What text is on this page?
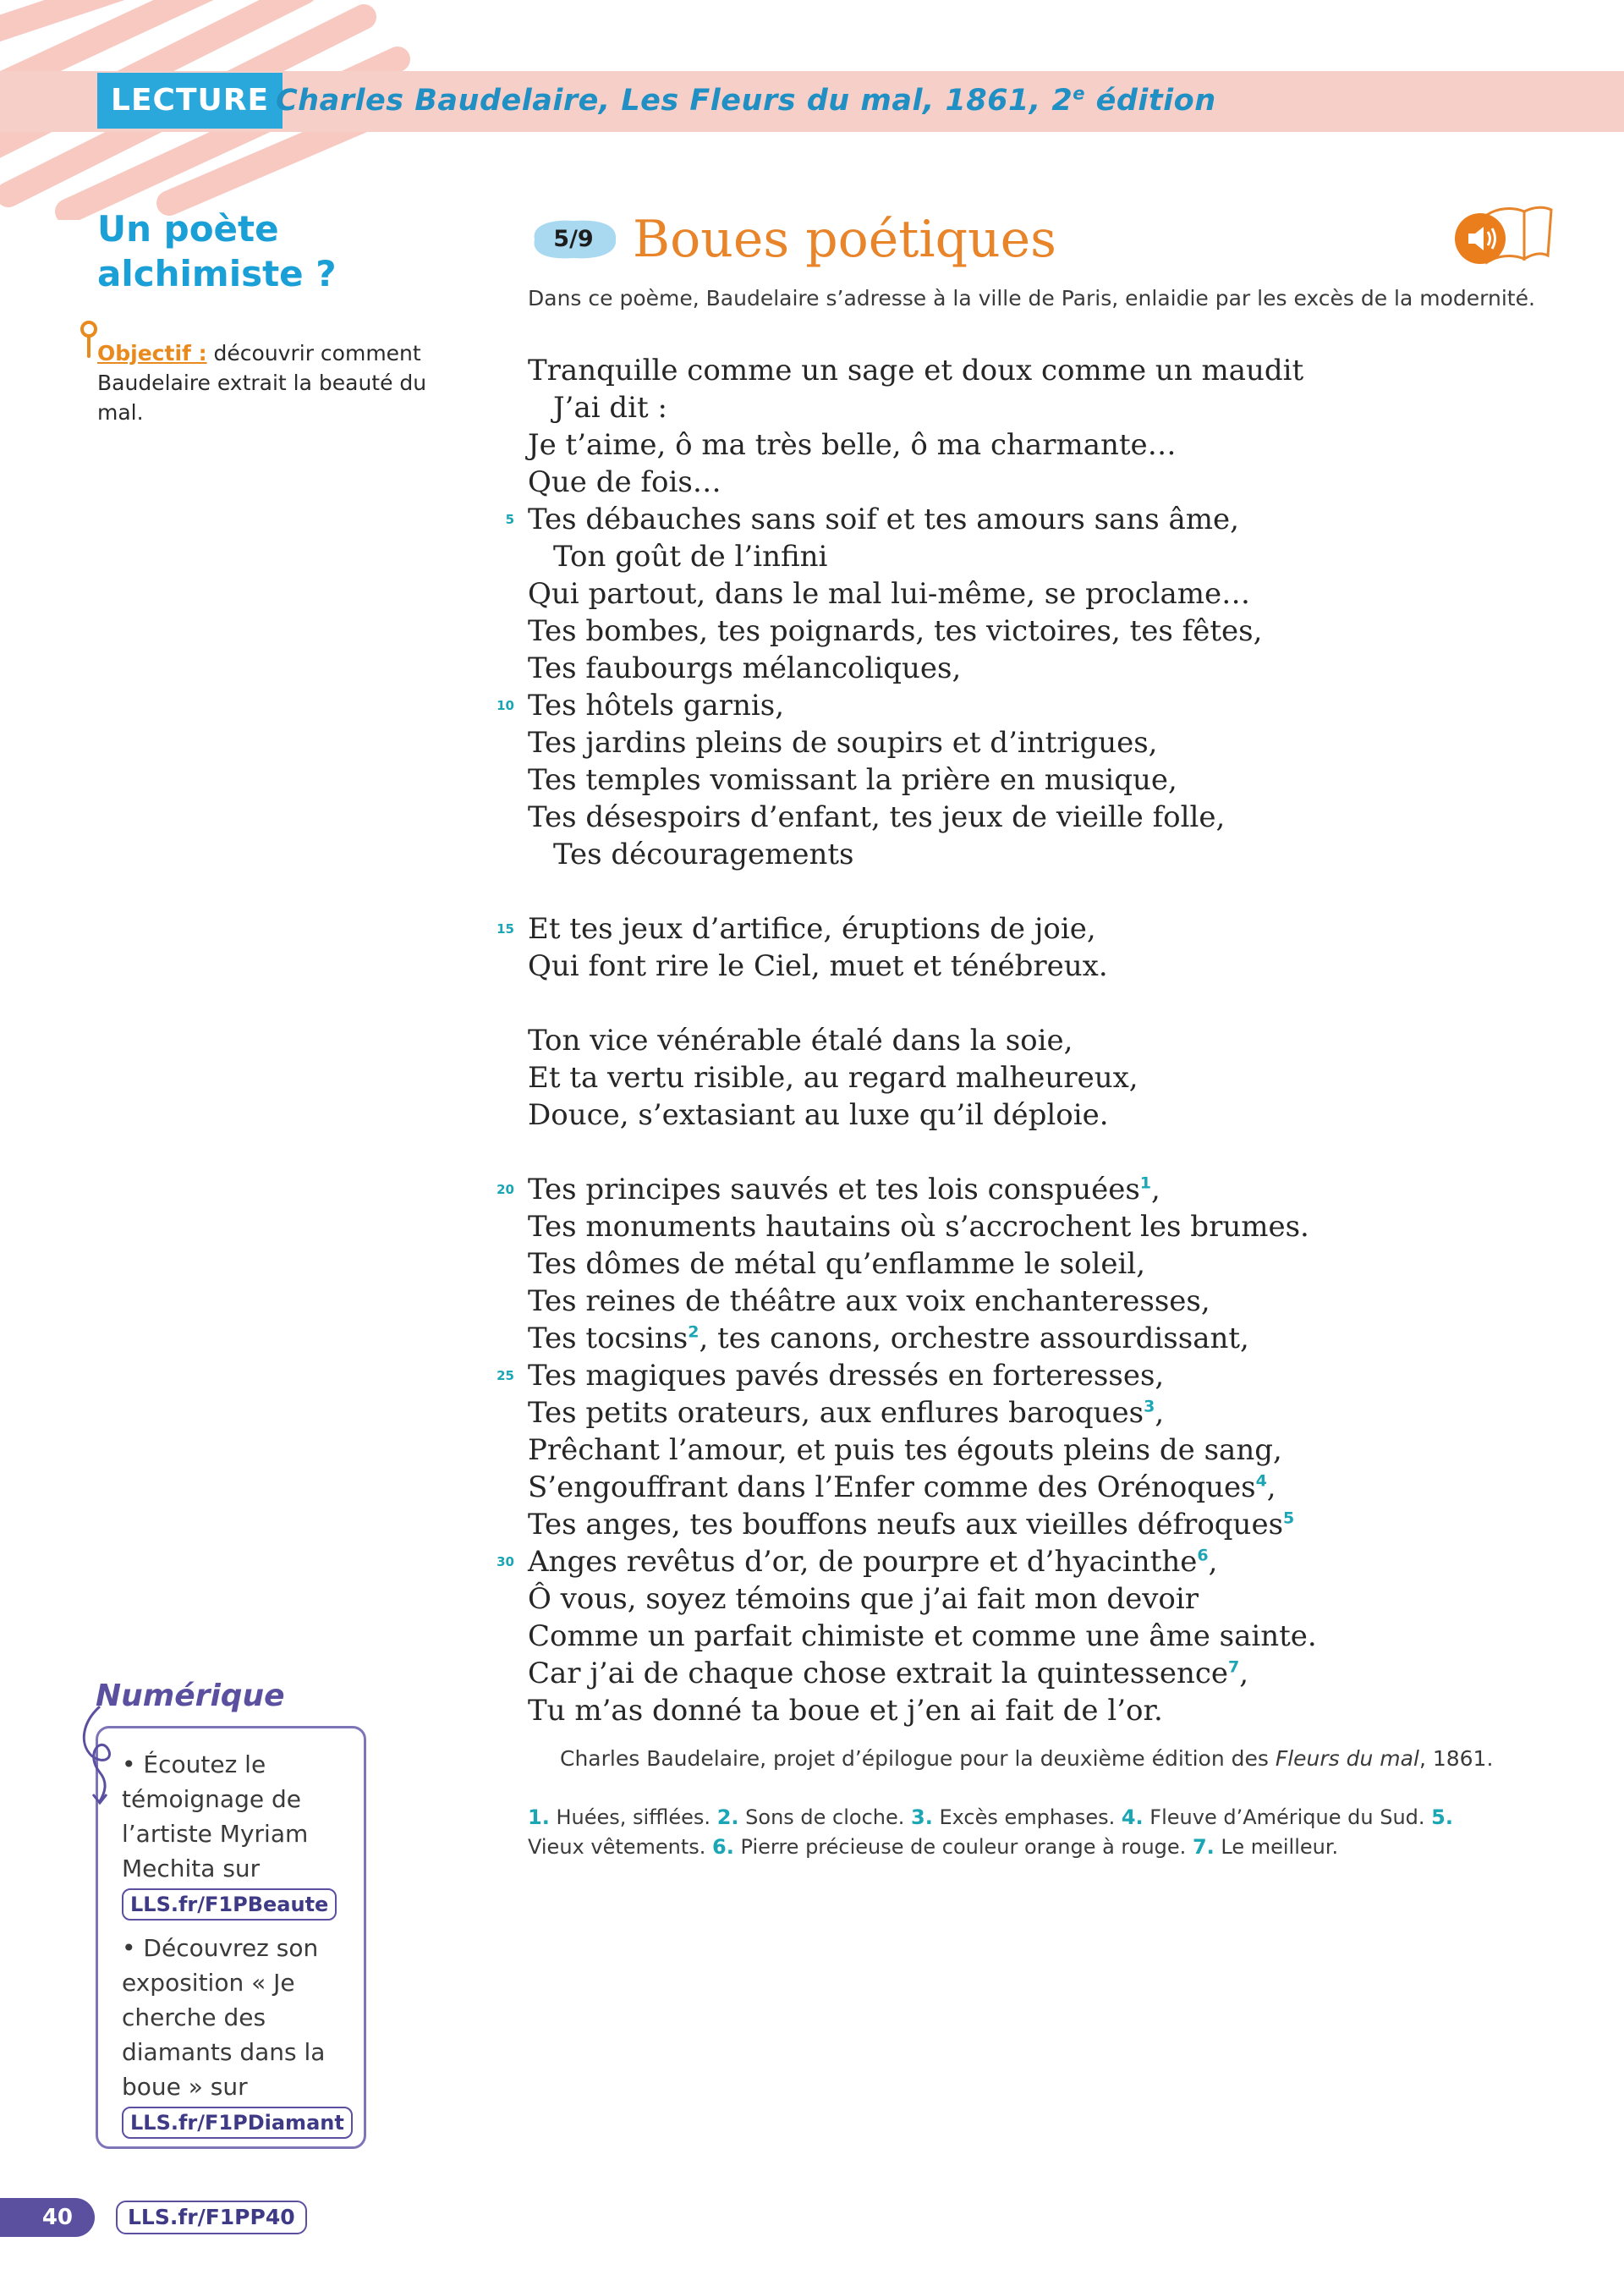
LECTURE Charles Baudelaire, Les Fleurs du mal, 1861, 2e édition
Un poète alchimiste ?
Objectif : découvrir comment Baudelaire extrait la beauté du mal.
Numérique
• Écoutez le témoignage de l’artiste Myriam Mechita sur
LLS.fr/F1PBeaute
• Découvrez son exposition « Je cherche des diamants dans la boue » sur
LLS.fr/F1PDiamant
5/9 Boues poétiques
Dans ce poème, Baudelaire s’adresse à la ville de Paris, enlaidie par les excès de la modernité.
Tranquille comme un sage et doux comme un maudit
J’ai dit :
Je t’aime, ô ma très belle, ô ma charmante…
Que de fois…
5 Tes débauches sans soif et tes amours sans âme,
Ton goût de l’infini
Qui partout, dans le mal lui-même, se proclame…
Tes bombes, tes poignards, tes victoires, tes fêtes,
Tes faubourgs mélancoliques,
10 Tes hôtels garnis,
Tes jardins pleins de soupirs et d’intrigues,
Tes temples vomissant la prière en musique,
Tes désespoirs d’enfant, tes jeux de vieille folle,
Tes découragements
15 Et tes jeux d’artifice, éruptions de joie,
Qui font rire le Ciel, muet et ténébreux.
Ton vice vénérable étalé dans la soie,
Et ta vertu risible, au regard malheureux,
Douce, s’extasiant au luxe qu’il déploie.
20 Tes principes sauvés et tes lois conspuées$^1$,
Tes monuments hautains où s’accrochent les brumes.
Tes dômes de métal qu’enflamme le soleil,
Tes reines de théâtre aux voix enchanteresses,
Tes tocsins$^2$, tes canons, orchestre assourdissant,
25 Tes magiques pavés dressés en forteresses,
Tes petits orateurs, aux enflures baroques$^3$,
Prêchant l’amour, et puis tes égouts pleins de sang,
S’engouffrant dans l’Enfer comme des Orénoques$^4$,
Tes anges, tes bouffons neufs aux vieilles défroques$^5$
30 Anges revêtus d’or, de pourpre et d’hyacinthe$^6$,
Ô vous, soyez témoins que j’ai fait mon devoir
Comme un parfait chimiste et comme une âme sainte.
Car j’ai de chaque chose extrait la quintessence$^7$,
Tu m’as donné ta boue et j’en ai fait de l’or.
Charles Baudelaire, projet d’épilogue pour la deuxième édition des Fleurs du mal, 1861.
1. Huées, sifflées. 2. Sons de cloche. 3. Excès emphases. 4. Fleuve d’Amérique du Sud. 5. Vieux vêtements. 6. Pierre précieuse de couleur orange à rouge. 7. Le meilleur.
40	LLS.fr/F1PP40
